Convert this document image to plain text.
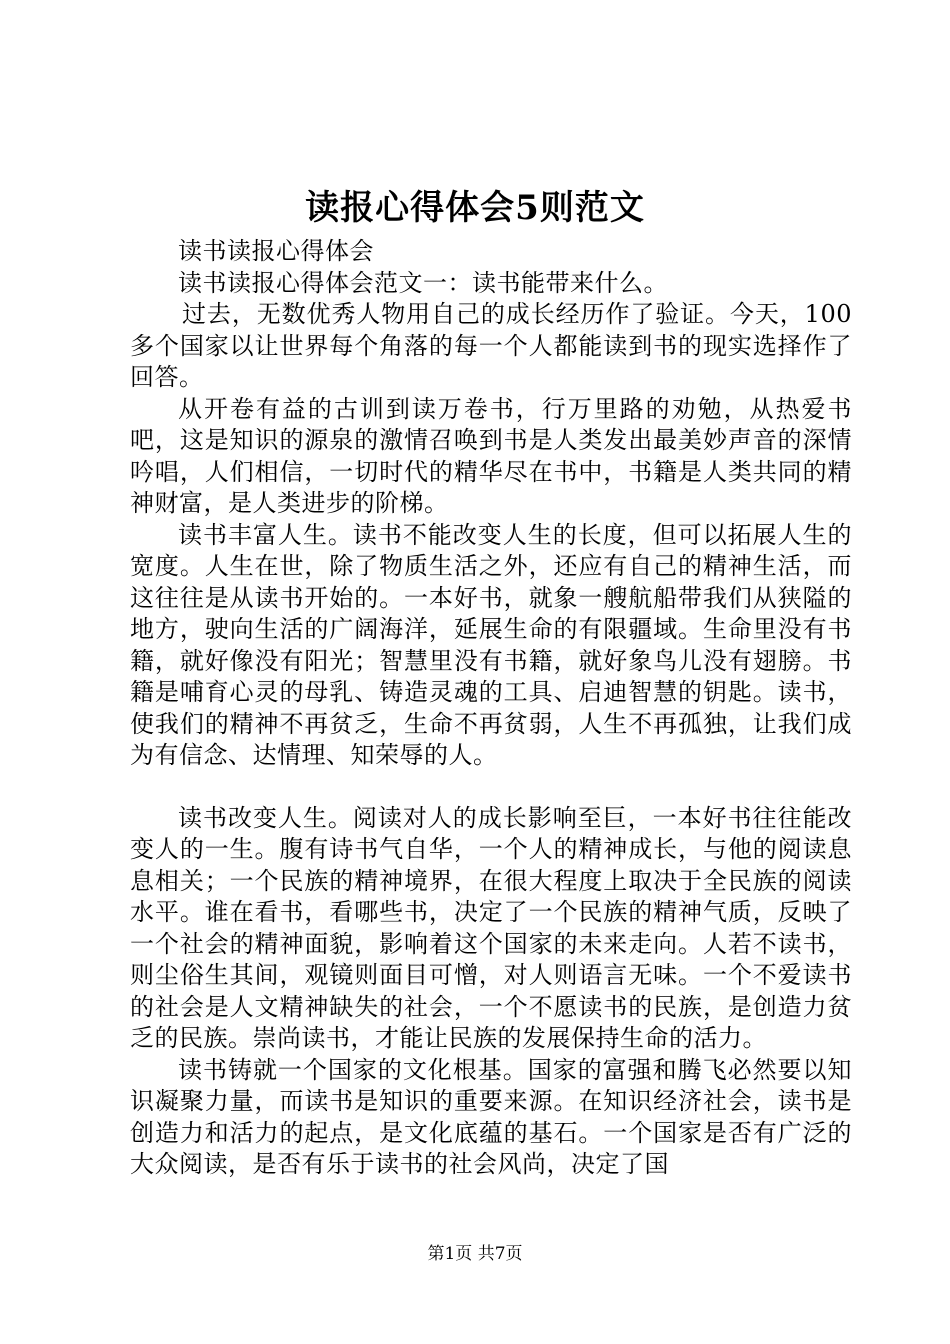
读报心得体会5则范文

读书读报心得体会

读书读报心得体会范文一：读书能带来什么。

过去，无数优秀人物用自己的成长经历作了验证。今天，100多个国家以让世界每个角落的每一个人都能读到书的现实选择作了回答。

从开卷有益的古训到读万卷书，行万里路的劝勉，从热爱书吧，这是知识的源泉的激情召唤到书是人类发出最美妙声音的深情吟唱，人们相信，一切时代的精华尽在书中，书籍是人类共同的精神财富，是人类进步的阶梯。

读书丰富人生。读书不能改变人生的长度，但可以拓展人生的宽度。人生在世，除了物质生活之外，还应有自己的精神生活，而这往往是从读书开始的。一本好书，就象一艘航船带我们从狭隘的地方，驶向生活的广阔海洋，延展生命的有限疆域。生命里没有书籍，就好像没有阳光；智慧里没有书籍，就好象鸟儿没有翅膀。书籍是哺育心灵的母乳、铸造灵魂的工具、启迪智慧的钥匙。读书，使我们的精神不再贫乏，生命不再贫弱，人生不再孤独，让我们成为有信念、达情理、知荣辱的人。

读书改变人生。阅读对人的成长影响至巨，一本好书往往能改变人的一生。腹有诗书气自华，一个人的精神成长，与他的阅读息息相关；一个民族的精神境界，在很大程度上取决于全民族的阅读水平。谁在看书，看哪些书，决定了一个民族的精神气质，反映了一个社会的精神面貌，影响着这个国家的未来走向。人若不读书，则尘俗生其间，观镜则面目可憎，对人则语言无味。一个不爱读书的社会是人文精神缺失的社会，一个不愿读书的民族，是创造力贫乏的民族。崇尚读书，才能让民族的发展保持生命的活力。

读书铸就一个国家的文化根基。国家的富强和腾飞必然要以知识凝聚力量，而读书是知识的重要来源。在知识经济社会，读书是创造力和活力的起点，是文化底蕴的基石。一个国家是否有广泛的大众阅读，是否有乐于读书的社会风尚，决定了国

第1页 共7页
